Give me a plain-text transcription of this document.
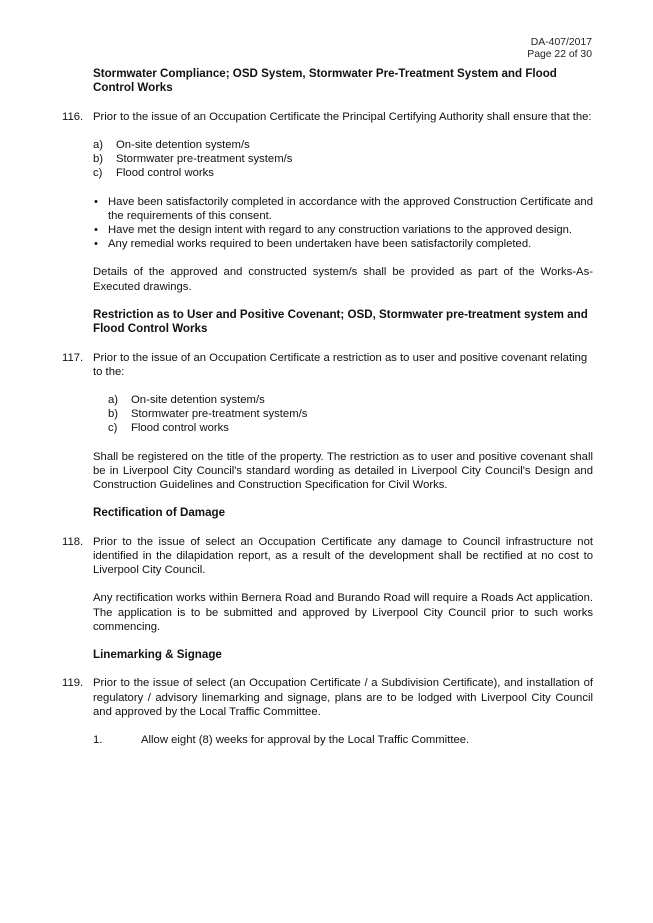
DA-407/2017
Page 22 of 30
Stormwater Compliance; OSD System, Stormwater Pre-Treatment System and Flood Control Works
116. Prior to the issue of an Occupation Certificate the Principal Certifying Authority shall ensure that the:
a) On-site detention system/s
b) Stormwater pre-treatment system/s
c) Flood control works
• Have been satisfactorily completed in accordance with the approved Construction Certificate and the requirements of this consent.
• Have met the design intent with regard to any construction variations to the approved design.
• Any remedial works required to been undertaken have been satisfactorily completed.
Details of the approved and constructed system/s shall be provided as part of the Works-As-Executed drawings.
Restriction as to User and Positive Covenant; OSD, Stormwater pre-treatment system and Flood Control Works
117. Prior to the issue of an Occupation Certificate a restriction as to user and positive covenant relating to the:
a) On-site detention system/s
b) Stormwater pre-treatment system/s
c) Flood control works
Shall be registered on the title of the property. The restriction as to user and positive covenant shall be in Liverpool City Council's standard wording as detailed in Liverpool City Council's Design and Construction Guidelines and Construction Specification for Civil Works.
Rectification of Damage
118. Prior to the issue of select an Occupation Certificate any damage to Council infrastructure not identified in the dilapidation report, as a result of the development shall be rectified at no cost to Liverpool City Council.
Any rectification works within Bernera Road and Burando Road will require a Roads Act application. The application is to be submitted and approved by Liverpool City Council prior to such works commencing.
Linemarking & Signage
119. Prior to the issue of select (an Occupation Certificate / a Subdivision Certificate), and installation of regulatory / advisory linemarking and signage, plans are to be lodged with Liverpool City Council and approved by the Local Traffic Committee.
1.	Allow eight (8) weeks for approval by the Local Traffic Committee.
